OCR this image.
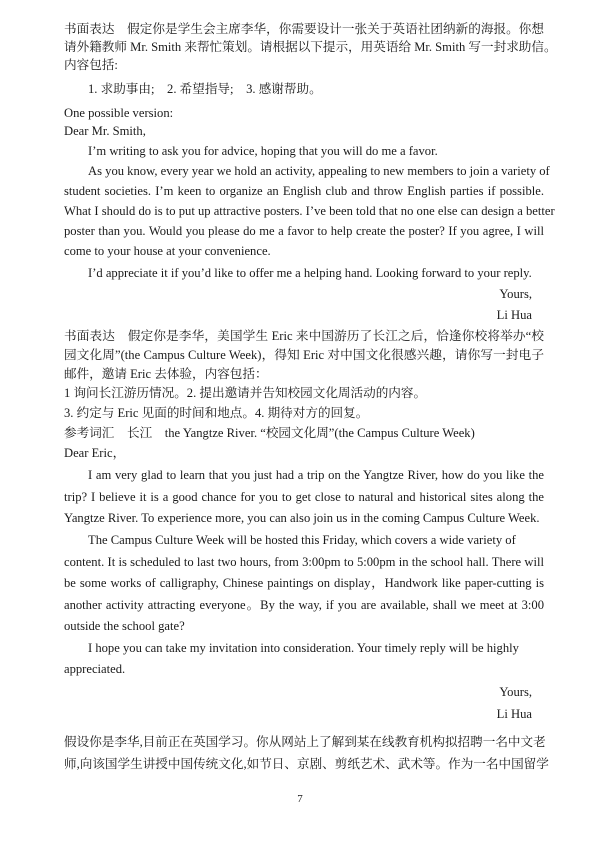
书面表达　假定你是学生会主席李华，你需要设计一张关于英语社团纳新的海报。你想
请外籍教师 Mr. Smith 来帮忙策划。请根据以下提示，用英语给 Mr. Smith 写一封求助信。
内容包括:
1. 求助事由;　2. 希望指导;　3. 感谢帮助。
One possible version:
Dear Mr. Smith,
I’m writing to ask you for advice, hoping that you will do me a favor.
As you know, every year we hold an activity, appealing to new members to join a variety of
student societies. I’m keen to organize an English club and throw English parties if possible.
What I should do is to put up attractive posters. I’ve been told that no one else can design a better
poster than you. Would you please do me a favor to help create the poster? If you agree, I will
come to your house at your convenience.
I’d appreciate it if you’d like to offer me a helping hand. Looking forward to your reply.
Yours,
Li Hua
书面表达　假定你是李华，美国学生 Eric 来中国游历了长江之后，恰逢你校将举办“校
园文化周”(the Campus Culture Week)，得知 Eric 对中国文化很感兴趣，请你写一封电子
邮件，邀请 Eric 去体验，内容包括：
1 询问长江游历情况。2. 提出邀请并告知校园文化周活动的内容。
3. 约定与 Eric 见面的时间和地点。4. 期待对方的回复。
参考词汇　长江　the Yangtze River. “校园文化周”(the Campus Culture Week)
Dear Eric，
I am very glad to learn that you just had a trip on the Yangtze River, how do you like the
trip? I believe it is a good chance for you to get close to natural and historical sites along the
Yangtze River. To experience more, you can also join us in the coming Campus Culture Week.
The Campus Culture Week will be hosted this Friday, which covers a wide variety of
content. It is scheduled to last two hours, from 3:00pm to 5:00pm in the school hall. There will
be some works of calligraphy, Chinese paintings on display，Handwork like paper-cutting is
another activity attracting everyone。By the way, if you are available, shall we meet at 3:00
outside the school gate?
I hope you can take my invitation into consideration. Your timely reply will be highly
appreciated.
Yours,
Li Hua
假设你是李华,目前正在英国学习。你从网站上了解到某在线教育机构拟招聘一名中文老
师,向该国学生讲授中国传统文化,如节日、京剧、剪纸艺术、武术等。作为一名中国留学
7
